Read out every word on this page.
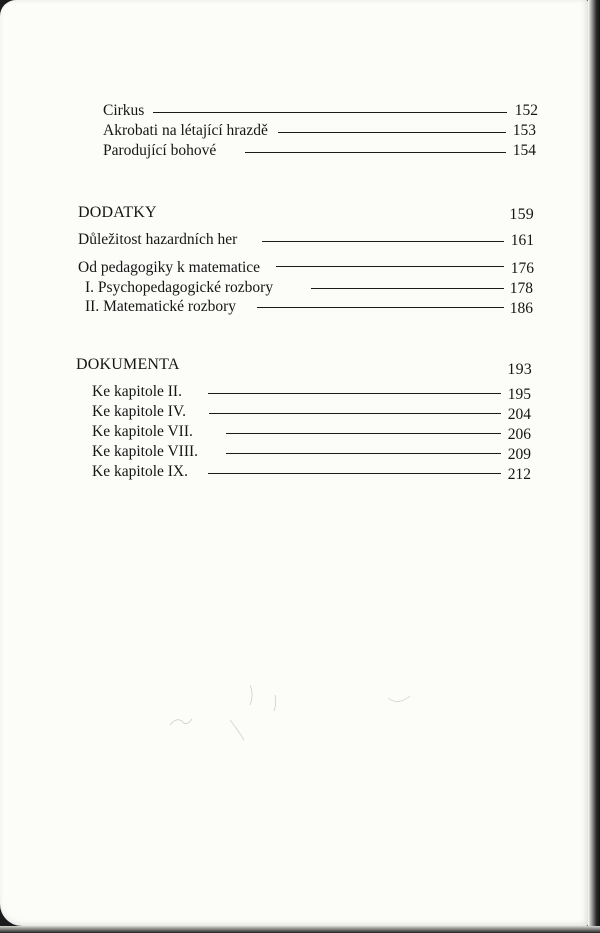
Cirkus	152
Akrobati na létající hrazdě	153
Parodující bohové	154
DODATKY	159
Důležitost hazardních her	161
Od pedagogiky k matematice	176
I. Psychopedagogické rozbory	178
II. Matematické rozbory	186
DOKUMENTA	193
Ke kapitole II.	195
Ke kapitole IV.	204
Ke kapitole VII.	206
Ke kapitole VIII.	209
Ke kapitole IX.	212
